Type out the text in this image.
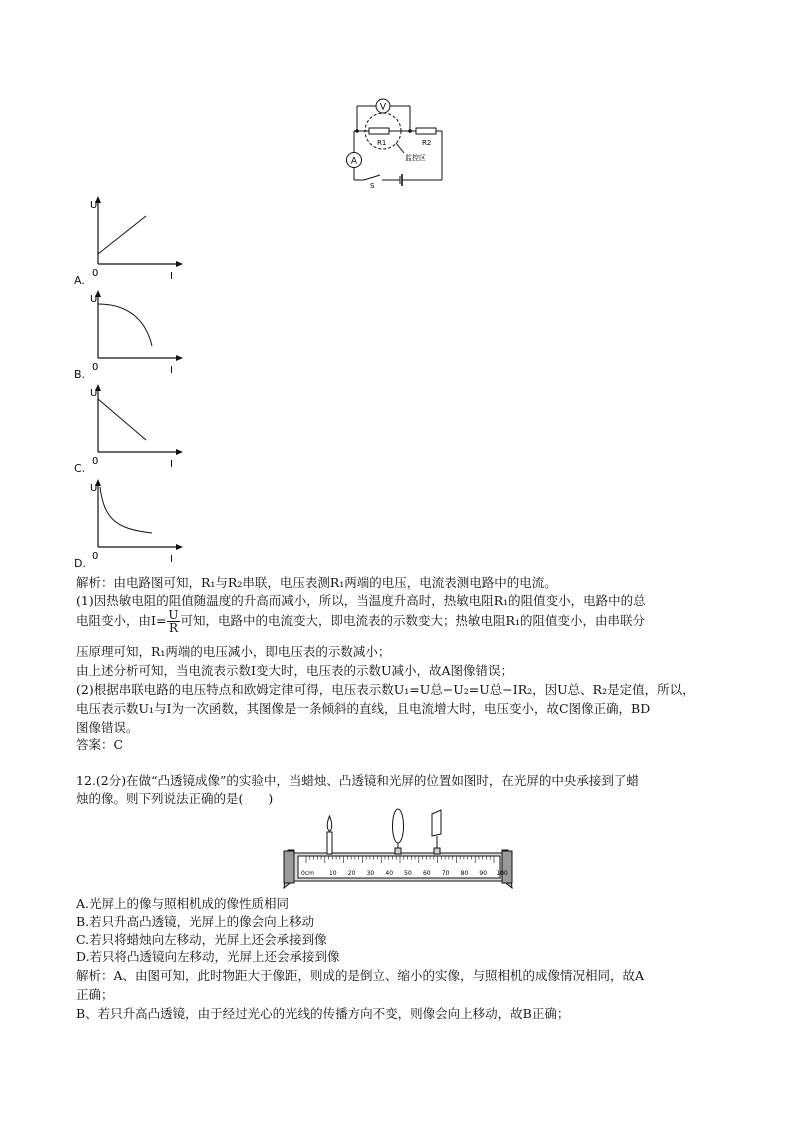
V
A
R1	R2
监控区
S
U
I
0
A.
U
I
0
B.
U
I
0
C.
U
I
0
D.
解析：由电路图可知，R₁与R₂串联，电压表测R₁两端的电压，电流表测电路中的电流。
(1)因热敏电阻的阻值随温度的升高而减小，所以，当温度升高时，热敏电阻R₁的阻值变小，电路中的总
电阻变小，由$I= \frac{U}{R}$ 可知，电路中的电流变大，即电流表的示数变大；热敏电阻R₁的阻值变小，由串联分
压原理可知，R₁两端的电压减小，即电压表的示数减小；
由上述分析可知，当电流表示数I变大时，电压表的示数U减小，故A图像错误；
(2)根据串联电路的电压特点和欧姆定律可得，电压表示数U₁=U总−U₂=U总−IR₂，因U总、R₂是定值，所以，
电压表示数U₁与I为一次函数，其图像是一条倾斜的直线，且电流增大时，电压变小，故C图像正确，BD
图像错误。
答案：C
12.(2分)在做“凸透镜成像”的实验中，当蜡烛、凸透镜和光屏的位置如图时，在光屏的中央承接到了蜡
烛的像。则下列说法正确的是(　　)
0cm	10 20 30 40 50 60 70 80 90 100
A.光屏上的像与照相机成的像性质相同
B.若只升高凸透镜，光屏上的像会向上移动
C.若只将蜡烛向左移动，光屏上还会承接到像
D.若只将凸透镜向左移动，光屏上还会承接到像
解析：A、由图可知，此时物距大于像距，则成的是倒立、缩小的实像，与照相机的成像情况相同，故A
正确；
B、若只升高凸透镜，由于经过光心的光线的传播方向不变，则像会向上移动，故B正确；
